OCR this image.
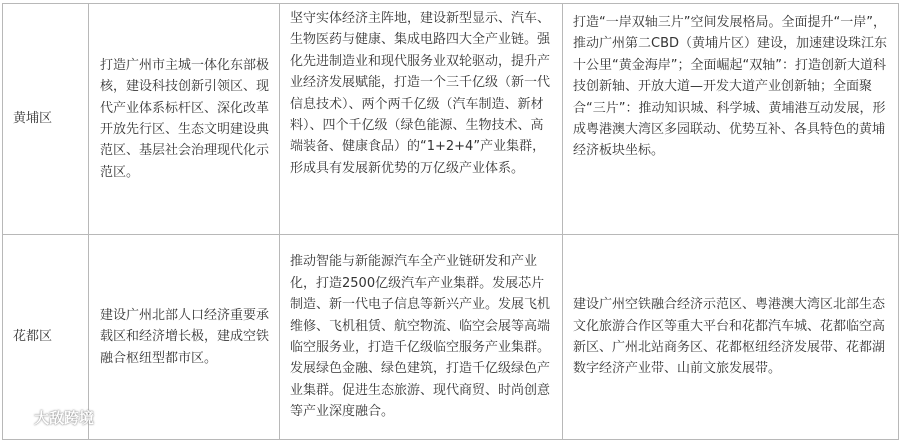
黄埔区	打造广州市主城一体化东部极核，建设科技创新引领区、现代产业体系标杆区、深化改革开放先行区、生态文明建设典范区、基层社会治理现代化示范区。	坚守实体经济主阵地，建设新型显示、汽车、生物医药与健康、集成电路四大全产业链。强化先进制造业和现代服务业双轮驱动，提升产业经济发展赋能，打造一个三千亿级（新一代信息技术）、两个两千亿级（汽车制造、新材料）、四个千亿级（绿色能源、生物技术、高端装备、健康食品）的“1+2+4”产业集群，形成具有发展新优势的万亿级产业体系。	打造“一岸双轴三片”空间发展格局。全面提升“一岸”，推动广州第二CBD（黄埔片区）建设，加速建设珠江东十公里“黄金海岸”；全面崛起“双轴”：打造创新大道科技创新轴、开放大道—开发大道产业创新轴；全面聚合“三片”：推动知识城、科学城、黄埔港互动发展，形成粤港澳大湾区多园联动、优势互补、各具特色的黄埔经济板块坐标。
花都区	建设广州北部人口经济重要承载区和经济增长极，建成空铁融合枢纽型都市区。	推动智能与新能源汽车全产业链研发和产业化，打造2500亿级汽车产业集群。发展芯片制造、新一代电子信息等新兴产业。发展飞机维修、飞机租赁、航空物流、临空会展等高端临空服务业，打造千亿级临空服务产业集群。发展绿色金融、绿色建筑，打造千亿级绿色产业集群。促进生态旅游、现代商贸、时尚创意等产业深度融合。	建设广州空铁融合经济示范区、粤港澳大湾区北部生态文化旅游合作区等重大平台和花都汽车城、花都临空高新区、广州北站商务区、花都枢纽经济发展带、花都湖数字经济产业带、山前文旅发展带。
大敌跨境
